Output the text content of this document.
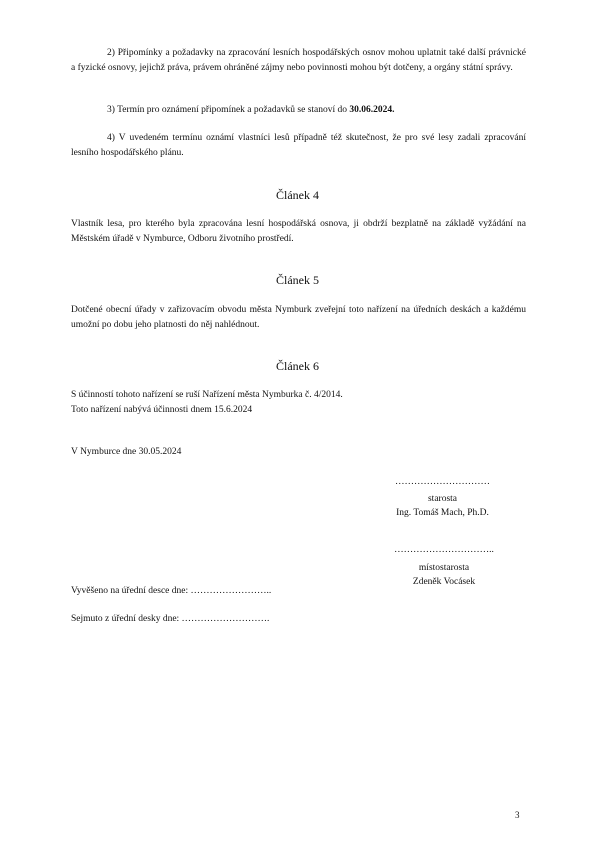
2) Připomínky a požadavky na zpracování lesních hospodářských osnov mohou uplatnit také další právnické a fyzické osnovy, jejichž práva, právem ohráněné zájmy nebo povinnosti mohou být dotčeny, a orgány státní správy.

3) Termín pro oznámení připomínek a požadavků se stanoví do 30.06.2024.

4) V uvedeném termínu oznámí vlastníci lesů případně též skutečnost, že pro své lesy zadali zpracování lesního hospodářského plánu.

Článek 4

Vlastník lesa, pro kterého byla zpracována lesní hospodářská osnova, ji obdrží bezplatně na základě vyžádání na Městském úřadě v Nymburce, Odboru životního prostředí.

Článek 5

Dotčené obecní úřady v zařizovacím obvodu města Nymburk zveřejní toto nařízení na úředních deskách a každému umožní po dobu jeho platnosti do něj nahlédnout.

Článek 6

S účinností tohoto nařízení se ruší Nařízení města Nymburka č. 4/2014.

Toto nařízení nabývá účinnosti dnem 15.6.2024

V Nymburce dne 30.05.2024

…………………………
starosta
Ing. Tomáš Mach, Ph.D.
…………………………..
místostarosta
Zdeněk Vocásek

Vyvěšeno na úřední desce dne: ……………………..

Sejmuto z úřední desky dne: ……………………….

3
